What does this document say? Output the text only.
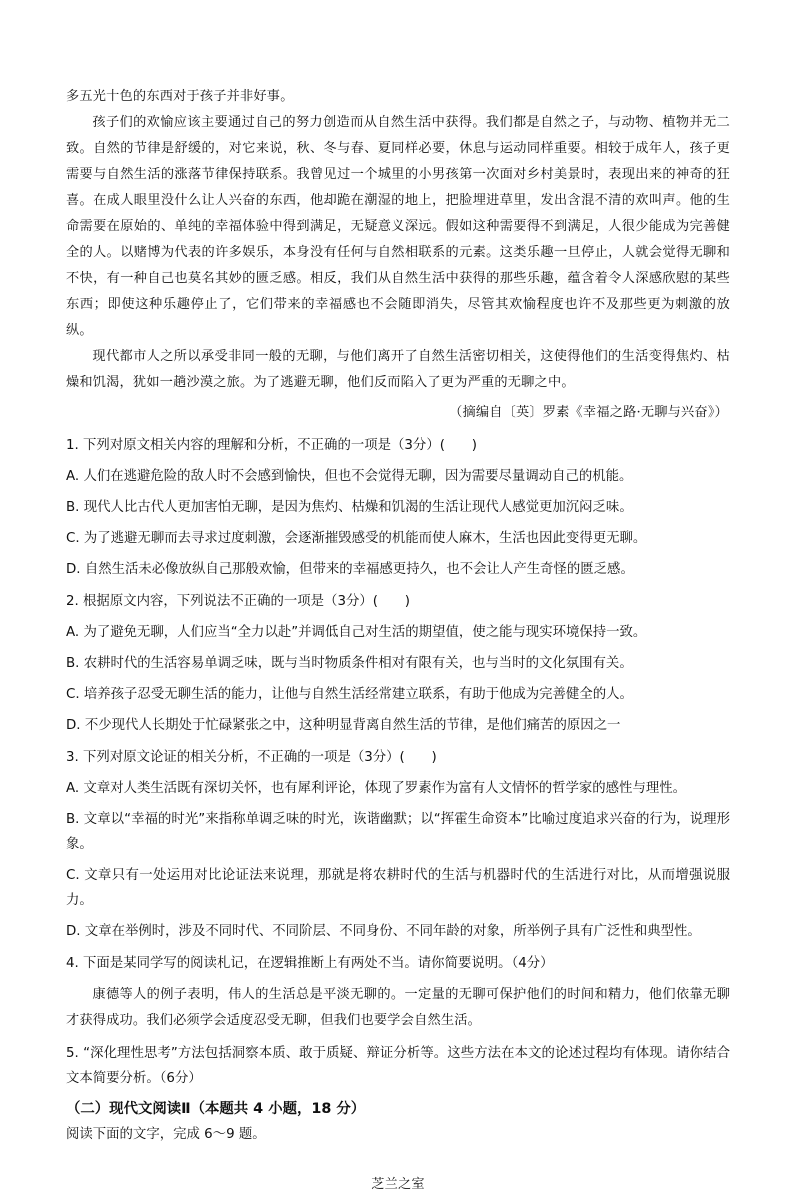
多五光十色的东西对于孩子并非好事。

孩子们的欢愉应该主要通过自己的努力创造而从自然生活中获得。我们都是自然之子，与动物、植物并无二致。自然的节律是舒缓的，对它来说，秋、冬与春、夏同样必要，休息与运动同样重要。相较于成年人，孩子更需要与自然生活的涨落节律保持联系。我曾见过一个城里的小男孩第一次面对乡村美景时，表现出来的神奇的狂喜。在成人眼里没什么让人兴奋的东西，他却跪在潮湿的地上，把脸埋进草里，发出含混不清的欢叫声。他的生命需要在原始的、单纯的幸福体验中得到满足，无疑意义深远。假如这种需要得不到满足，人很少能成为完善健全的人。以赌博为代表的许多娱乐，本身没有任何与自然相联系的元素。这类乐趣一旦停止，人就会觉得无聊和不快，有一种自己也莫名其妙的匮乏感。相反，我们从自然生活中获得的那些乐趣，蕴含着令人深感欣慰的某些东西；即使这种乐趣停止了，它们带来的幸福感也不会随即消失，尽管其欢愉程度也许不及那些更为刺激的放纵。

现代都市人之所以承受非同一般的无聊，与他们离开了自然生活密切相关，这使得他们的生活变得焦灼、枯燥和饥渴，犹如一趟沙漠之旅。为了逃避无聊，他们反而陷入了更为严重的无聊之中。

（摘编自〔英〕罗素《幸福之路·无聊与兴奋》）

1. 下列对原文相关内容的理解和分析，不正确的一项是（3分）(　　)

A. 人们在逃避危险的敌人时不会感到愉快，但也不会觉得无聊，因为需要尽量调动自己的机能。

B. 现代人比古代人更加害怕无聊，是因为焦灼、枯燥和饥渴的生活让现代人感觉更加沉闷乏味。

C. 为了逃避无聊而去寻求过度刺激，会逐渐摧毁感受的机能而使人麻木，生活也因此变得更无聊。

D. 自然生活未必像放纵自己那般欢愉，但带来的幸福感更持久，也不会让人产生奇怪的匮乏感。

2. 根据原文内容，下列说法不正确的一项是（3分）(　　)

A. 为了避免无聊，人们应当“全力以赴”并调低自己对生活的期望值，使之能与现实环境保持一致。

B. 农耕时代的生活容易单调乏味，既与当时物质条件相对有限有关，也与当时的文化氛围有关。

C. 培养孩子忍受无聊生活的能力，让他与自然生活经常建立联系，有助于他成为完善健全的人。

D. 不少现代人长期处于忙碌紧张之中，这种明显背离自然生活的节律，是他们痛苦的原因之一

3. 下列对原文论证的相关分析，不正确的一项是（3分）(　　)

A. 文章对人类生活既有深切关怀，也有犀利评论，体现了罗素作为富有人文情怀的哲学家的感性与理性。

B. 文章以“幸福的时光”来指称单调乏味的时光，诙谐幽默；以“挥霍生命资本”比喻过度追求兴奋的行为，说理形象。

C. 文章只有一处运用对比论证法来说理，那就是将农耕时代的生活与机器时代的生活进行对比，从而增强说服力。

D. 文章在举例时，涉及不同时代、不同阶层、不同身份、不同年龄的对象，所举例子具有广泛性和典型性。

4. 下面是某同学写的阅读札记，在逻辑推断上有两处不当。请你简要说明。（4分）

康德等人的例子表明，伟人的生活总是平淡无聊的。一定量的无聊可保护他们的时间和精力，他们依靠无聊才获得成功。我们必须学会适度忍受无聊，但我们也要学会自然生活。

5. “深化理性思考”方法包括洞察本质、敢于质疑、辩证分析等。这些方法在本文的论述过程均有体现。请你结合文本简要分析。（6分）

（二）现代文阅读Ⅱ（本题共 4 小题，18 分）

阅读下面的文字，完成 6～9 题。

芝兰之室
